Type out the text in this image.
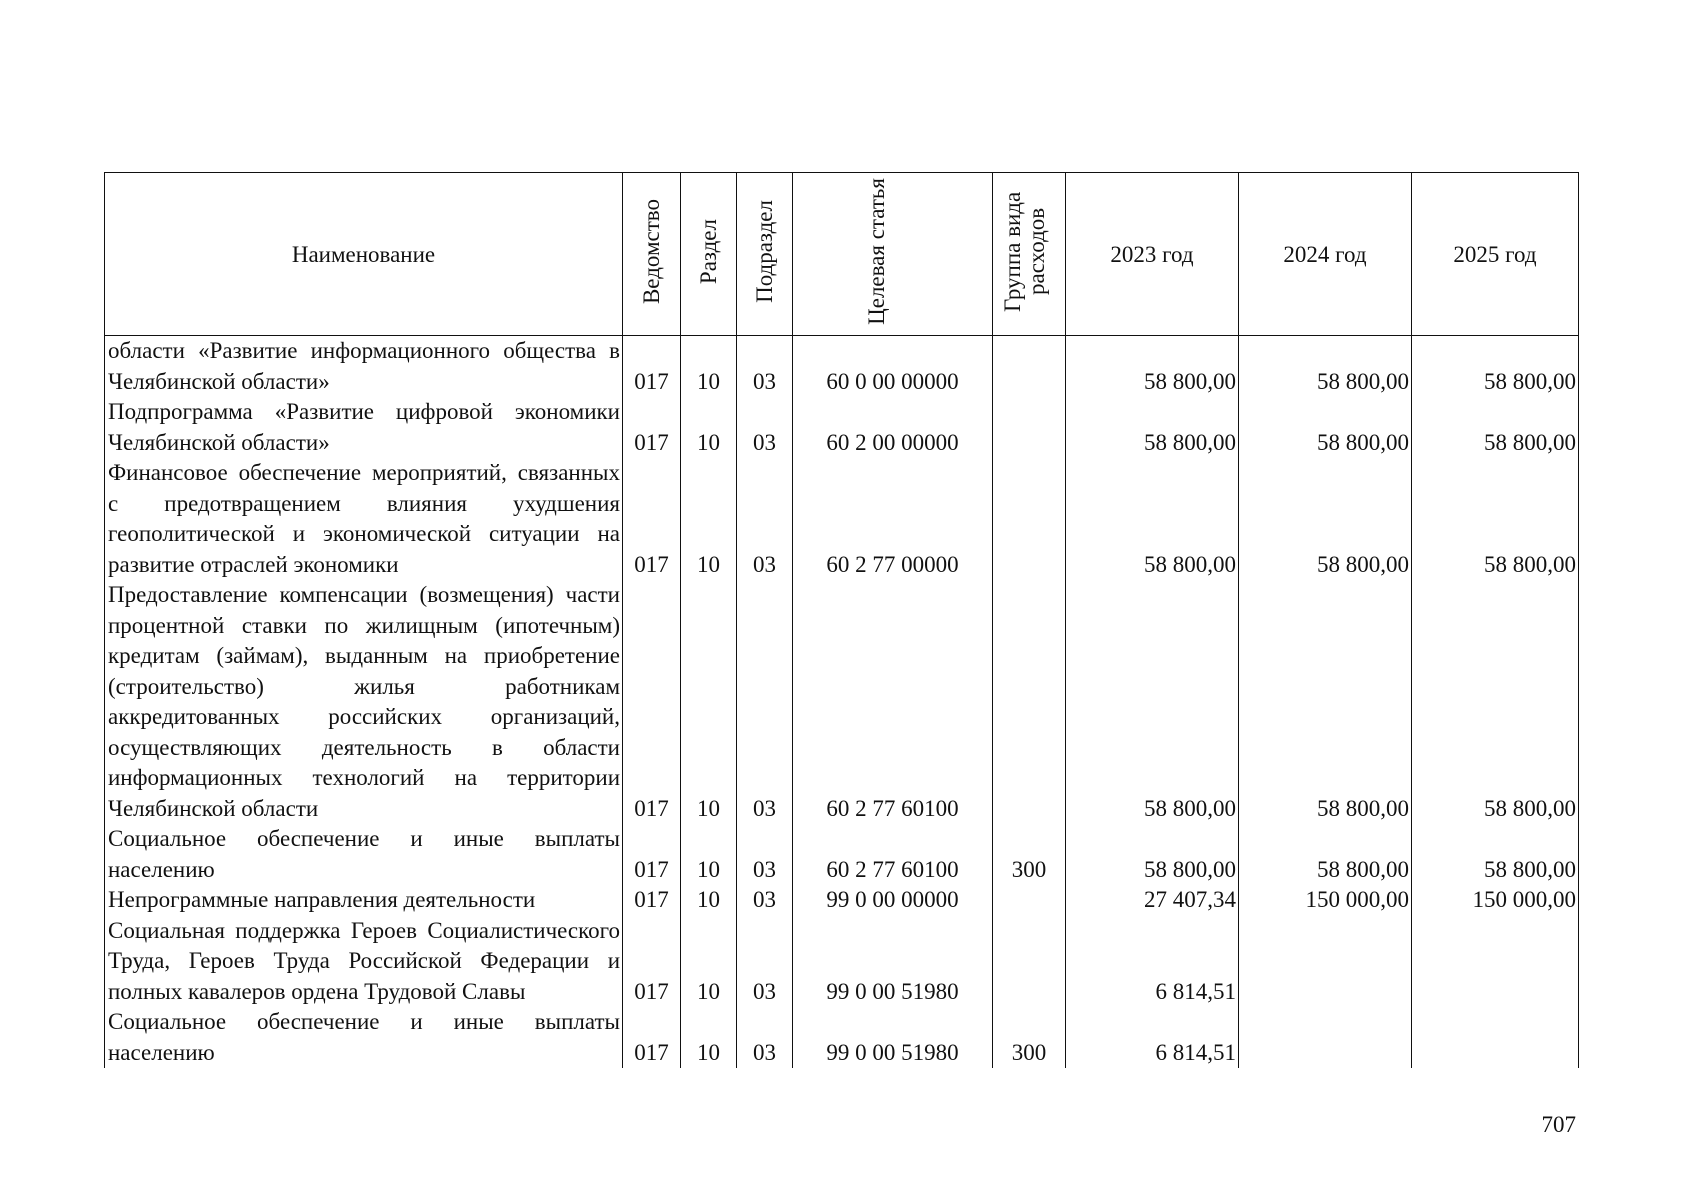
Наименование	Ведомство	Раздел	Подраздел	Целевая статья	Группа вида расходов	2023 год	2024 год	2025 год
области «Развитие информационного общества в Челябинской области»	017	10	03	60 0 00 00000		58 800,00	58 800,00	58 800,00
Подпрограмма «Развитие цифровой экономики Челябинской области»	017	10	03	60 2 00 00000		58 800,00	58 800,00	58 800,00
Финансовое обеспечение мероприятий, связанных с предотвращением влияния ухудшения геополитической и экономической ситуации на развитие отраслей экономики	017	10	03	60 2 77 00000		58 800,00	58 800,00	58 800,00
Предоставление компенсации (возмещения) части процентной ставки по жилищным (ипотечным) кредитам (займам), выданным на приобретение (строительство) жилья работникам аккредитованных российских организаций, осуществляющих деятельность в области информационных технологий на территории Челябинской области	017	10	03	60 2 77 60100		58 800,00	58 800,00	58 800,00
Социальное обеспечение и иные выплаты населению	017	10	03	60 2 77 60100	300	58 800,00	58 800,00	58 800,00
Непрограммные направления деятельности	017	10	03	99 0 00 00000		27 407,34	150 000,00	150 000,00
Социальная поддержка Героев Социалистического Труда, Героев Труда Российской Федерации и полных кавалеров ордена Трудовой Славы	017	10	03	99 0 00 51980		6 814,51		
Социальное обеспечение и иные выплаты населению	017	10	03	99 0 00 51980	300	6 814,51		
707
